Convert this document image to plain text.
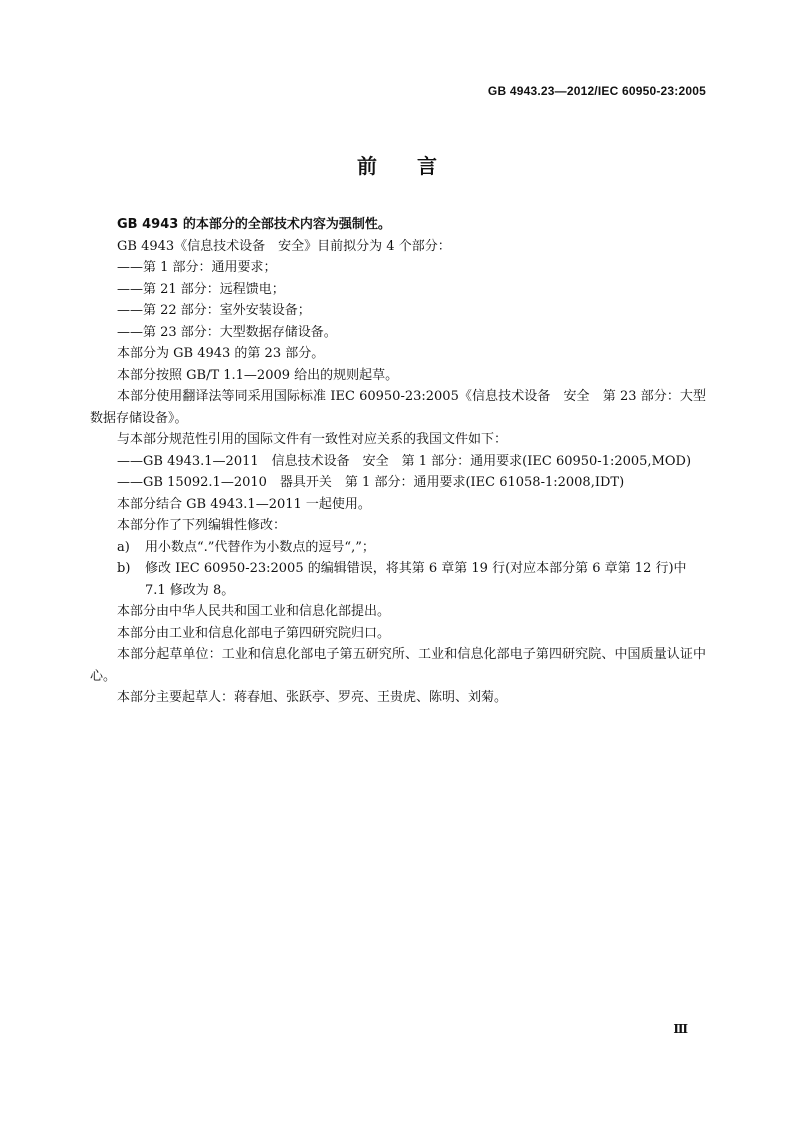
GB 4943.23—2012/IEC 60950-23:2005
前言

GB 4943 的本部分的全部技术内容为强制性。

GB 4943《信息技术设备　安全》目前拟分为 4 个部分：

——第 1 部分：通用要求；

——第 21 部分：远程馈电；

——第 22 部分：室外安装设备；

——第 23 部分：大型数据存储设备。

本部分为 GB 4943 的第 23 部分。

本部分按照 GB/T 1.1—2009 给出的规则起草。

本部分使用翻译法等同采用国际标准 IEC 60950-23:2005《信息技术设备　安全　第 23 部分：大型数据存储设备》。

与本部分规范性引用的国际文件有一致性对应关系的我国文件如下：

——GB 4943.1—2011　信息技术设备　安全　第 1 部分：通用要求(IEC 60950-1:2005,MOD)

——GB 15092.1—2010　器具开关　第 1 部分：通用要求(IEC 61058-1:2008,IDT)

本部分结合 GB 4943.1—2011 一起使用。

本部分作了下列编辑性修改：

a)	用小数点“.”代替作为小数点的逗号“,”；
b)	修改 IEC 60950-23:2005 的编辑错误，将其第 6 章第 19 行(对应本部分第 6 章第 12 行)中 7.1 修改为 8。

本部分由中华人民共和国工业和信息化部提出。

本部分由工业和信息化部电子第四研究院归口。

本部分起草单位：工业和信息化部电子第五研究所、工业和信息化部电子第四研究院、中国质量认证中心。

本部分主要起草人：蒋春旭、张跃亭、罗亮、王贵虎、陈明、刘菊。

Ⅲ
